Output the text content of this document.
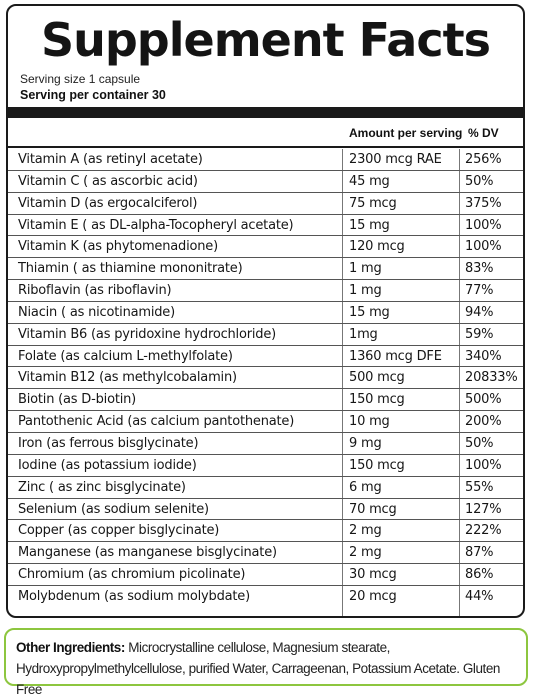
Supplement Facts
Serving size 1 capsule
Serving per container 30
Amount per serving % DV
Vitamin A (as retinyl acetate)	2300 mcg RAE 256%
Vitamin C ( as ascorbic acid)	45 mg	50%
Vitamin D (as ergocalciferol)	75 mcg	375%
Vitamin E ( as DL-alpha-Tocopheryl acetate)	15 mg	100%
Vitamin K (as phytomenadione)	120 mcg	100%
Thiamin ( as thiamine mononitrate)	1 mg	83%
Riboflavin (as riboflavin)	1 mg	77%
Niacin ( as nicotinamide)	15 mg	94%
Vitamin B6 (as pyridoxine hydrochloride)	1mg	59%
Folate (as calcium L-methylfolate)	1360 mcg DFE 340%
Vitamin B12 (as methylcobalamin)	500 mcg	20833%
Biotin (as D-biotin)	150 mcg	500%
Pantothenic Acid (as calcium pantothenate)	10 mg	200%
Iron (as ferrous bisglycinate)	9 mg	50%
Iodine (as potassium iodide)	150 mcg	100%
Zinc ( as zinc bisglycinate)	6 mg	55%
Selenium (as sodium selenite)	70 mcg	127%
Copper (as copper bisglycinate)	2 mg	222%
Manganese (as manganese bisglycinate)	2 mg	87%
Chromium (as chromium picolinate)	30 mcg	86%
Molybdenum (as sodium molybdate)	20 mcg	44%
Other Ingredients: Microcrystalline cellulose, Magnesium stearate, Hydroxypropylmethylcellulose, purified Water, Carrageenan, Potassium Acetate. Gluten Free
